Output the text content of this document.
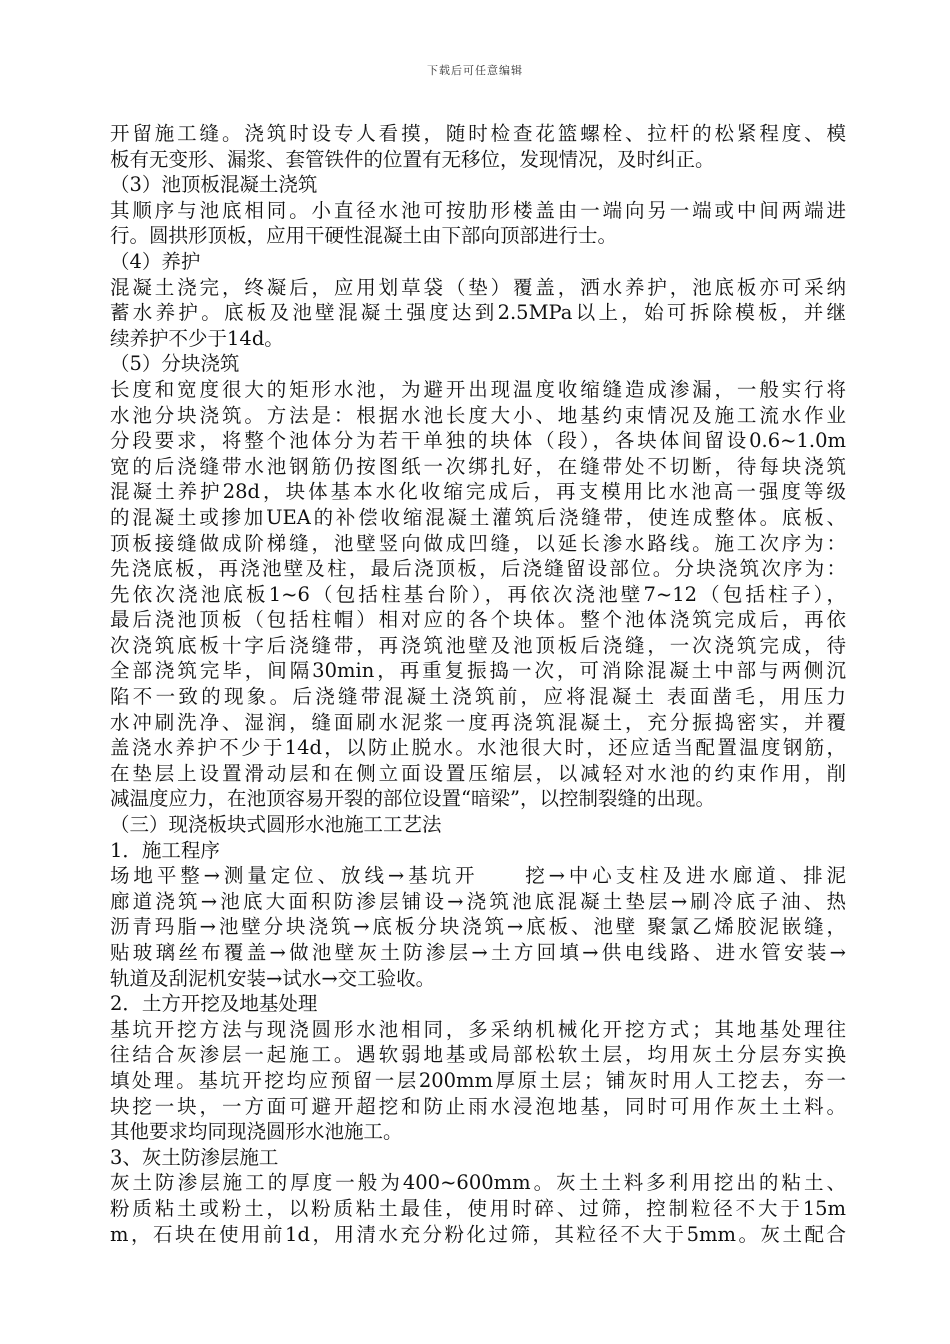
下载后可任意编辑
开留施工缝。浇筑时设专人看摸，随时检查花篮螺栓、拉杆的松紧程度、模
板有无变形、漏浆、套管铁件的位置有无移位，发现情况，及时纠正。
（3）池顶板混凝土浇筑
其顺序与池底相同。小直径水池可按肋形楼盖由一端向另一端或中间两端进
行。圆拱形顶板，应用干硬性混凝土由下部向顶部进行士。
（4）养护
混凝土浇完，终凝后，应用划草袋（垫）覆盖，洒水养护，池底板亦可采纳
蓄水养护。底板及池壁混凝土强度达到2.5MPa以上，始可拆除模板，并继
续养护不少于14d。
（5）分块浇筑
长度和宽度很大的矩形水池，为避开出现温度收缩缝造成渗漏，一般实行将
水池分块浇筑。方法是：根据水池长度大小、地基约束情况及施工流水作业
分段要求，将整个池体分为若干单独的块体（段），各块体间留设0.6~1.0m
宽的后浇缝带水池钢筋仍按图纸一次绑扎好，在缝带处不切断，待每块浇筑
混凝土养护28d，块体基本水化收缩完成后，再支模用比水池高一强度等级
的混凝土或掺加UEA的补偿收缩混凝土灌筑后浇缝带，使连成整体。底板、
顶板接缝做成阶梯缝，池壁竖向做成凹缝，以延长渗水路线。施工次序为：
先浇底板，再浇池壁及柱，最后浇顶板，后浇缝留设部位。分块浇筑次序为：
先依次浇池底板1~6（包括柱基台阶），再依次浇池壁7~12（包括柱子），
最后浇池顶板（包括柱帽）相对应的各个块体。整个池体浇筑完成后，再依
次浇筑底板十字后浇缝带，再浇筑池壁及池顶板后浇缝，一次浇筑完成，待
全部浇筑完毕，间隔30min，再重复振捣一次，可消除混凝土中部与两侧沉
陷不一致的现象。后浇缝带混凝土浇筑前，应将混凝土 表面凿毛，用压力
水冲刷洗净、湿润，缝面刷水泥浆一度再浇筑混凝土，充分振捣密实，并覆
盖浇水养护不少于14d，以防止脱水。水池很大时，还应适当配置温度钢筋，
在垫层上设置滑动层和在侧立面设置压缩层，以减轻对水池的约束作用，削
减温度应力，在池顶容易开裂的部位设置“暗梁”，以控制裂缝的出现。
（三）现浇板块式圆形水池施工工艺法
1．施工程序
场地平整→测量定位、放线→基坑开　　挖→中心支柱及进水廊道、排泥
廊道浇筑→池底大面积防渗层铺设→浇筑池底混凝土垫层→刷冷底子油、热
沥青玛脂→池壁分块浇筑→底板分块浇筑→底板、池壁 聚氯乙烯胶泥嵌缝，
贴玻璃丝布覆盖→做池壁灰土防渗层→土方回填→供电线路、进水管安装→
轨道及刮泥机安装→试水→交工验收。
2．土方开挖及地基处理
基坑开挖方法与现浇圆形水池相同，多采纳机械化开挖方式；其地基处理往
往结合灰渗层一起施工。遇软弱地基或局部松软土层，均用灰土分层夯实换
填处理。基坑开挖均应预留一层200mm厚原土层；铺灰时用人工挖去，夯一
块挖一块，一方面可避开超挖和防止雨水浸泡地基，同时可用作灰土土料。
其他要求均同现浇圆形水池施工。
3、灰土防渗层施工
灰土防渗层施工的厚度一般为400~600mm。灰土土料多利用挖出的粘土、
粉质粘土或粉土，以粉质粘土最佳，使用时碎、过筛，控制粒径不大于15m
m，石块在使用前1d，用清水充分粉化过筛，其粒径不大于5mm。灰土配合
